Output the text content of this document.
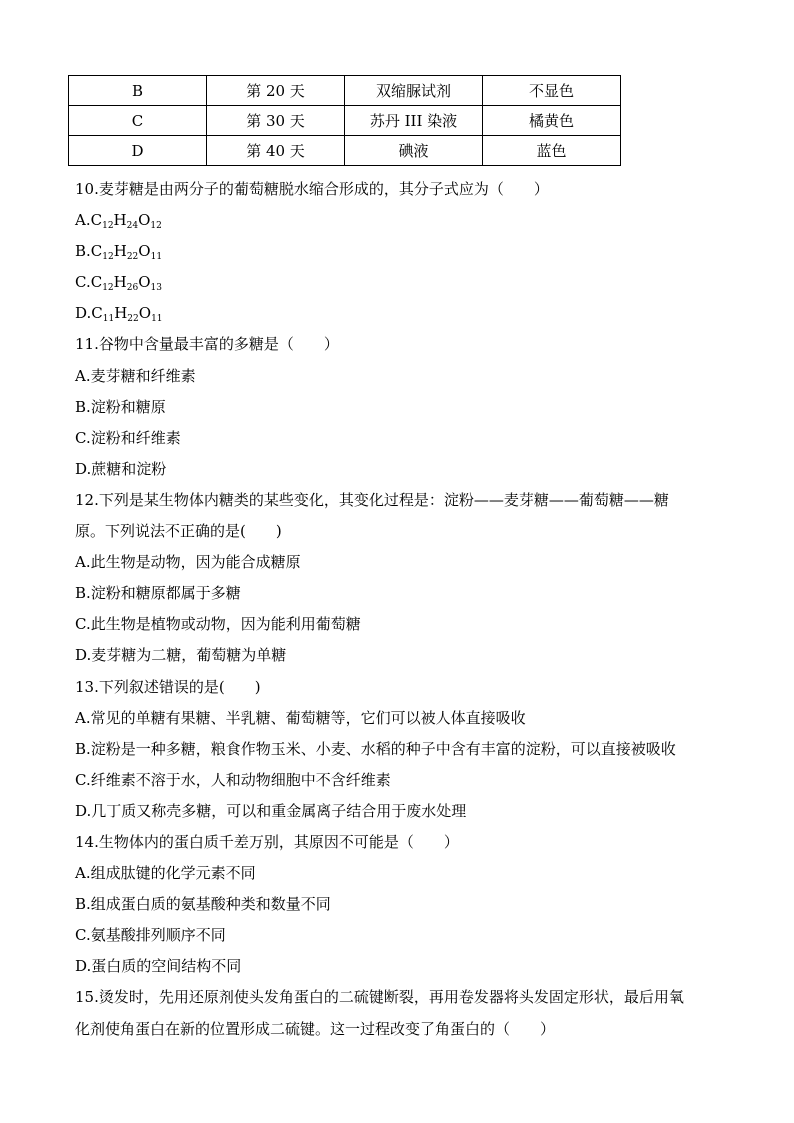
B	第 20 天	双缩脲试剂	不显色
C	第 30 天	苏丹 III 染液	橘黄色
D	第 40 天	碘液	蓝色
10.麦芽糖是由两分子的葡萄糖脱水缩合形成的，其分子式应为（　　）
$A.C_{12}H_{24}O_{12}$
$B.C_{12}H_{22}O_{11}$
$C.C_{12}H_{26}O_{13}$
$D.C_{11}H_{22}O_{11}$
11.谷物中含量最丰富的多糖是（　　）
A.麦芽糖和纤维素
B.淀粉和糖原
C.淀粉和纤维素
D.蔗糖和淀粉
12.下列是某生物体内糖类的某些变化，其变化过程是：淀粉——麦芽糖——葡萄糖——糖
原。下列说法不正确的是(　　)
A.此生物是动物，因为能合成糖原
B.淀粉和糖原都属于多糖
C.此生物是植物或动物，因为能利用葡萄糖
D.麦芽糖为二糖，葡萄糖为单糖
13.下列叙述错误的是(　　)
A.常见的单糖有果糖、半乳糖、葡萄糖等，它们可以被人体直接吸收
B.淀粉是一种多糖，粮食作物玉米、小麦、水稻的种子中含有丰富的淀粉，可以直接被吸收
C.纤维素不溶于水，人和动物细胞中不含纤维素
D.几丁质又称壳多糖，可以和重金属离子结合用于废水处理
14.生物体内的蛋白质千差万别，其原因不可能是（　　）
A.组成肽键的化学元素不同
B.组成蛋白质的氨基酸种类和数量不同
C.氨基酸排列顺序不同
D.蛋白质的空间结构不同
15.烫发时，先用还原剂使头发角蛋白的二硫键断裂，再用卷发器将头发固定形状，最后用氧
化剂使角蛋白在新的位置形成二硫键。这一过程改变了角蛋白的（　　）
